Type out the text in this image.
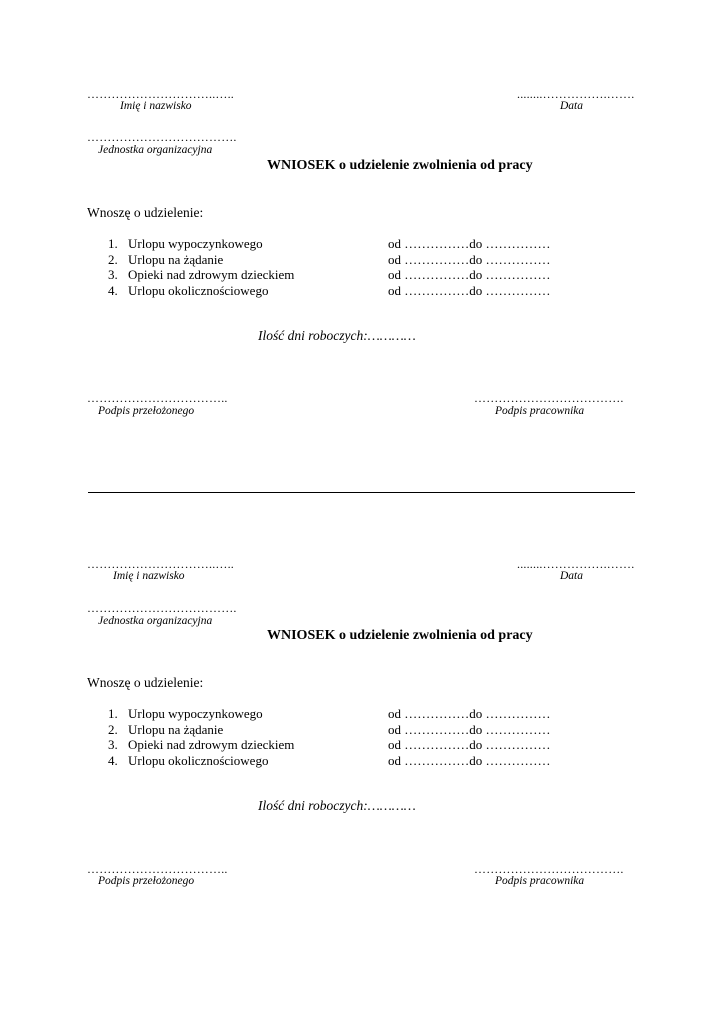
…………………………..…..
Imię i nazwisko
........…………….…….
Data
……………………………….
Jednostka organizacyjna
WNIOSEK o udzielenie zwolnienia od pracy
Wnoszę o udzielenie:
1. Urlopu wypoczynkowego	od ……………do ……………
2. Urlopu na żądanie	od ……………do ……………
3. Opieki nad zdrowym dzieckiem	od ……………do ……………
4. Urlopu okolicznościowego	od ……………do ……………
Ilość dni roboczych:…………
……………………………..
Podpis przełożonego
……………………………….
Podpis pracownika
…………………………..…..
Imię i nazwisko
........…………….…….
Data
……………………………….
Jednostka organizacyjna
WNIOSEK o udzielenie zwolnienia od pracy
Wnoszę o udzielenie:
1. Urlopu wypoczynkowego	od ……………do ……………
2. Urlopu na żądanie	od ……………do ……………
3. Opieki nad zdrowym dzieckiem	od ……………do ……………
4. Urlopu okolicznościowego	od ……………do ……………
Ilość dni roboczych:…………
……………………………..
Podpis przełożonego
……………………………….
Podpis pracownika
